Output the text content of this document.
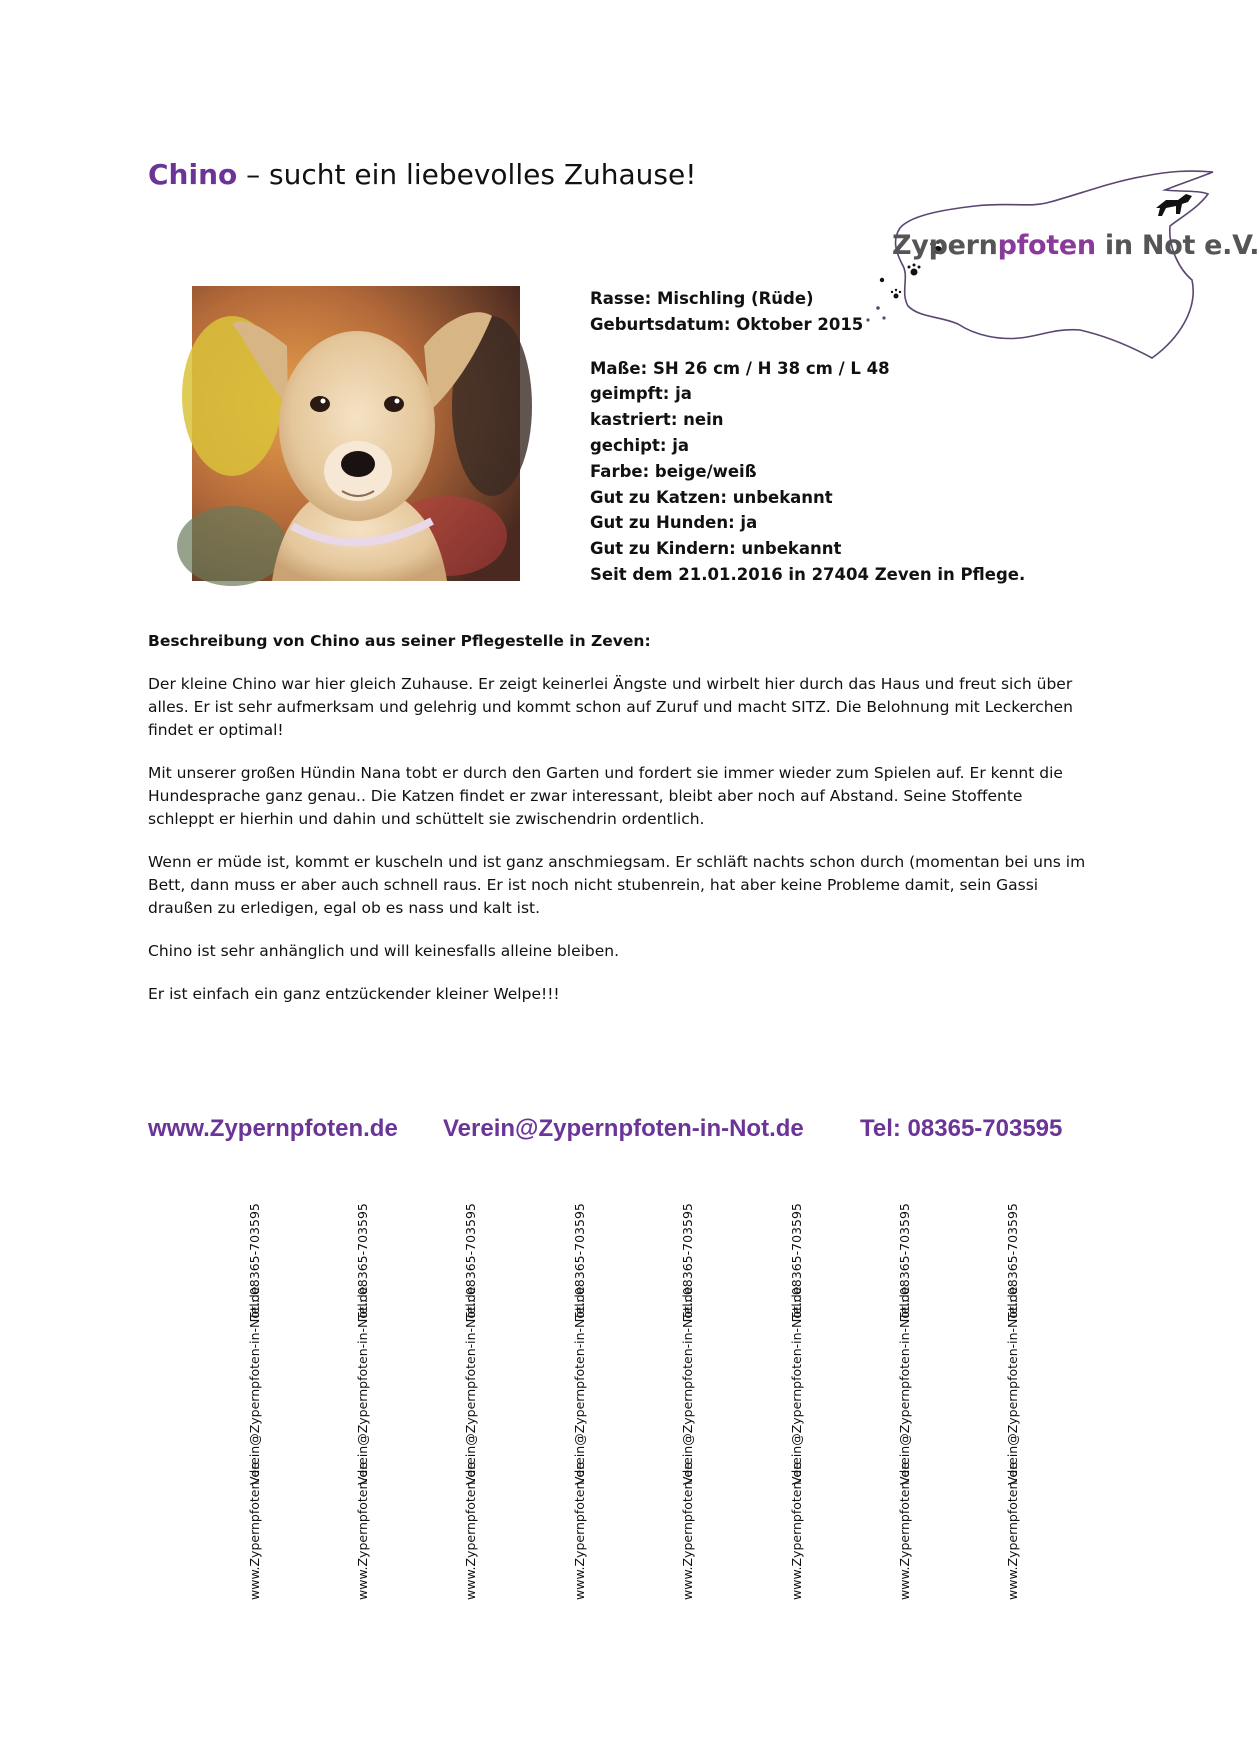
Chino – sucht ein liebevolles Zuhause!
Zypernpfoten in Not e.V.
Rasse: Mischling (Rüde)
Geburtsdatum: Oktober 2015
Maße: SH 26 cm / H 38 cm / L 48
geimpft: ja
kastriert: nein
gechipt: ja
Farbe: beige/weiß
Gut zu Katzen: unbekannt
Gut zu Hunden: ja
Gut zu Kindern: unbekannt
Seit dem 21.01.2016 in 27404 Zeven in Pflege.
Beschreibung von Chino aus seiner Pflegestelle in Zeven:

Der kleine Chino war hier gleich Zuhause. Er zeigt keinerlei Ängste und wirbelt hier durch das Haus und freut sich über alles. Er ist sehr aufmerksam und gelehrig und kommt schon auf Zuruf und macht SITZ. Die Belohnung mit Leckerchen findet er optimal!

Mit unserer großen Hündin Nana tobt er durch den Garten und fordert sie immer wieder zum Spielen auf. Er kennt die Hundesprache ganz genau.. Die Katzen findet er zwar interessant, bleibt aber noch auf Abstand. Seine Stoffente schleppt er hierhin und dahin und schüttelt sie zwischendrin ordentlich.

Wenn er müde ist, kommt er kuscheln und ist ganz anschmiegsam. Er schläft nachts schon durch (momentan bei uns im Bett, dann muss er aber auch schnell raus. Er ist noch nicht stubenrein, hat aber keine Probleme damit, sein Gassi draußen zu erledigen, egal ob es nass und kalt ist.

Chino ist sehr anhänglich und will keinesfalls alleine bleiben.

Er ist einfach ein ganz entzückender kleiner Welpe!!!

www.Zypernpfoten.de Verein@Zypernpfoten-in-Not.de Tel: 08365-703595
www.Zypernpfoten.de
Verein@Zypernpfoten-in-Not.de
Tel: 08365-703595
www.Zypernpfoten.de
Verein@Zypernpfoten-in-Not.de
Tel: 08365-703595
www.Zypernpfoten.de
Verein@Zypernpfoten-in-Not.de
Tel: 08365-703595
www.Zypernpfoten.de
Verein@Zypernpfoten-in-Not.de
Tel: 08365-703595
www.Zypernpfoten.de
Verein@Zypernpfoten-in-Not.de
Tel: 08365-703595
www.Zypernpfoten.de
Verein@Zypernpfoten-in-Not.de
Tel: 08365-703595
www.Zypernpfoten.de
Verein@Zypernpfoten-in-Not.de
Tel: 08365-703595
www.Zypernpfoten.de
Verein@Zypernpfoten-in-Not.de
Tel: 08365-703595
